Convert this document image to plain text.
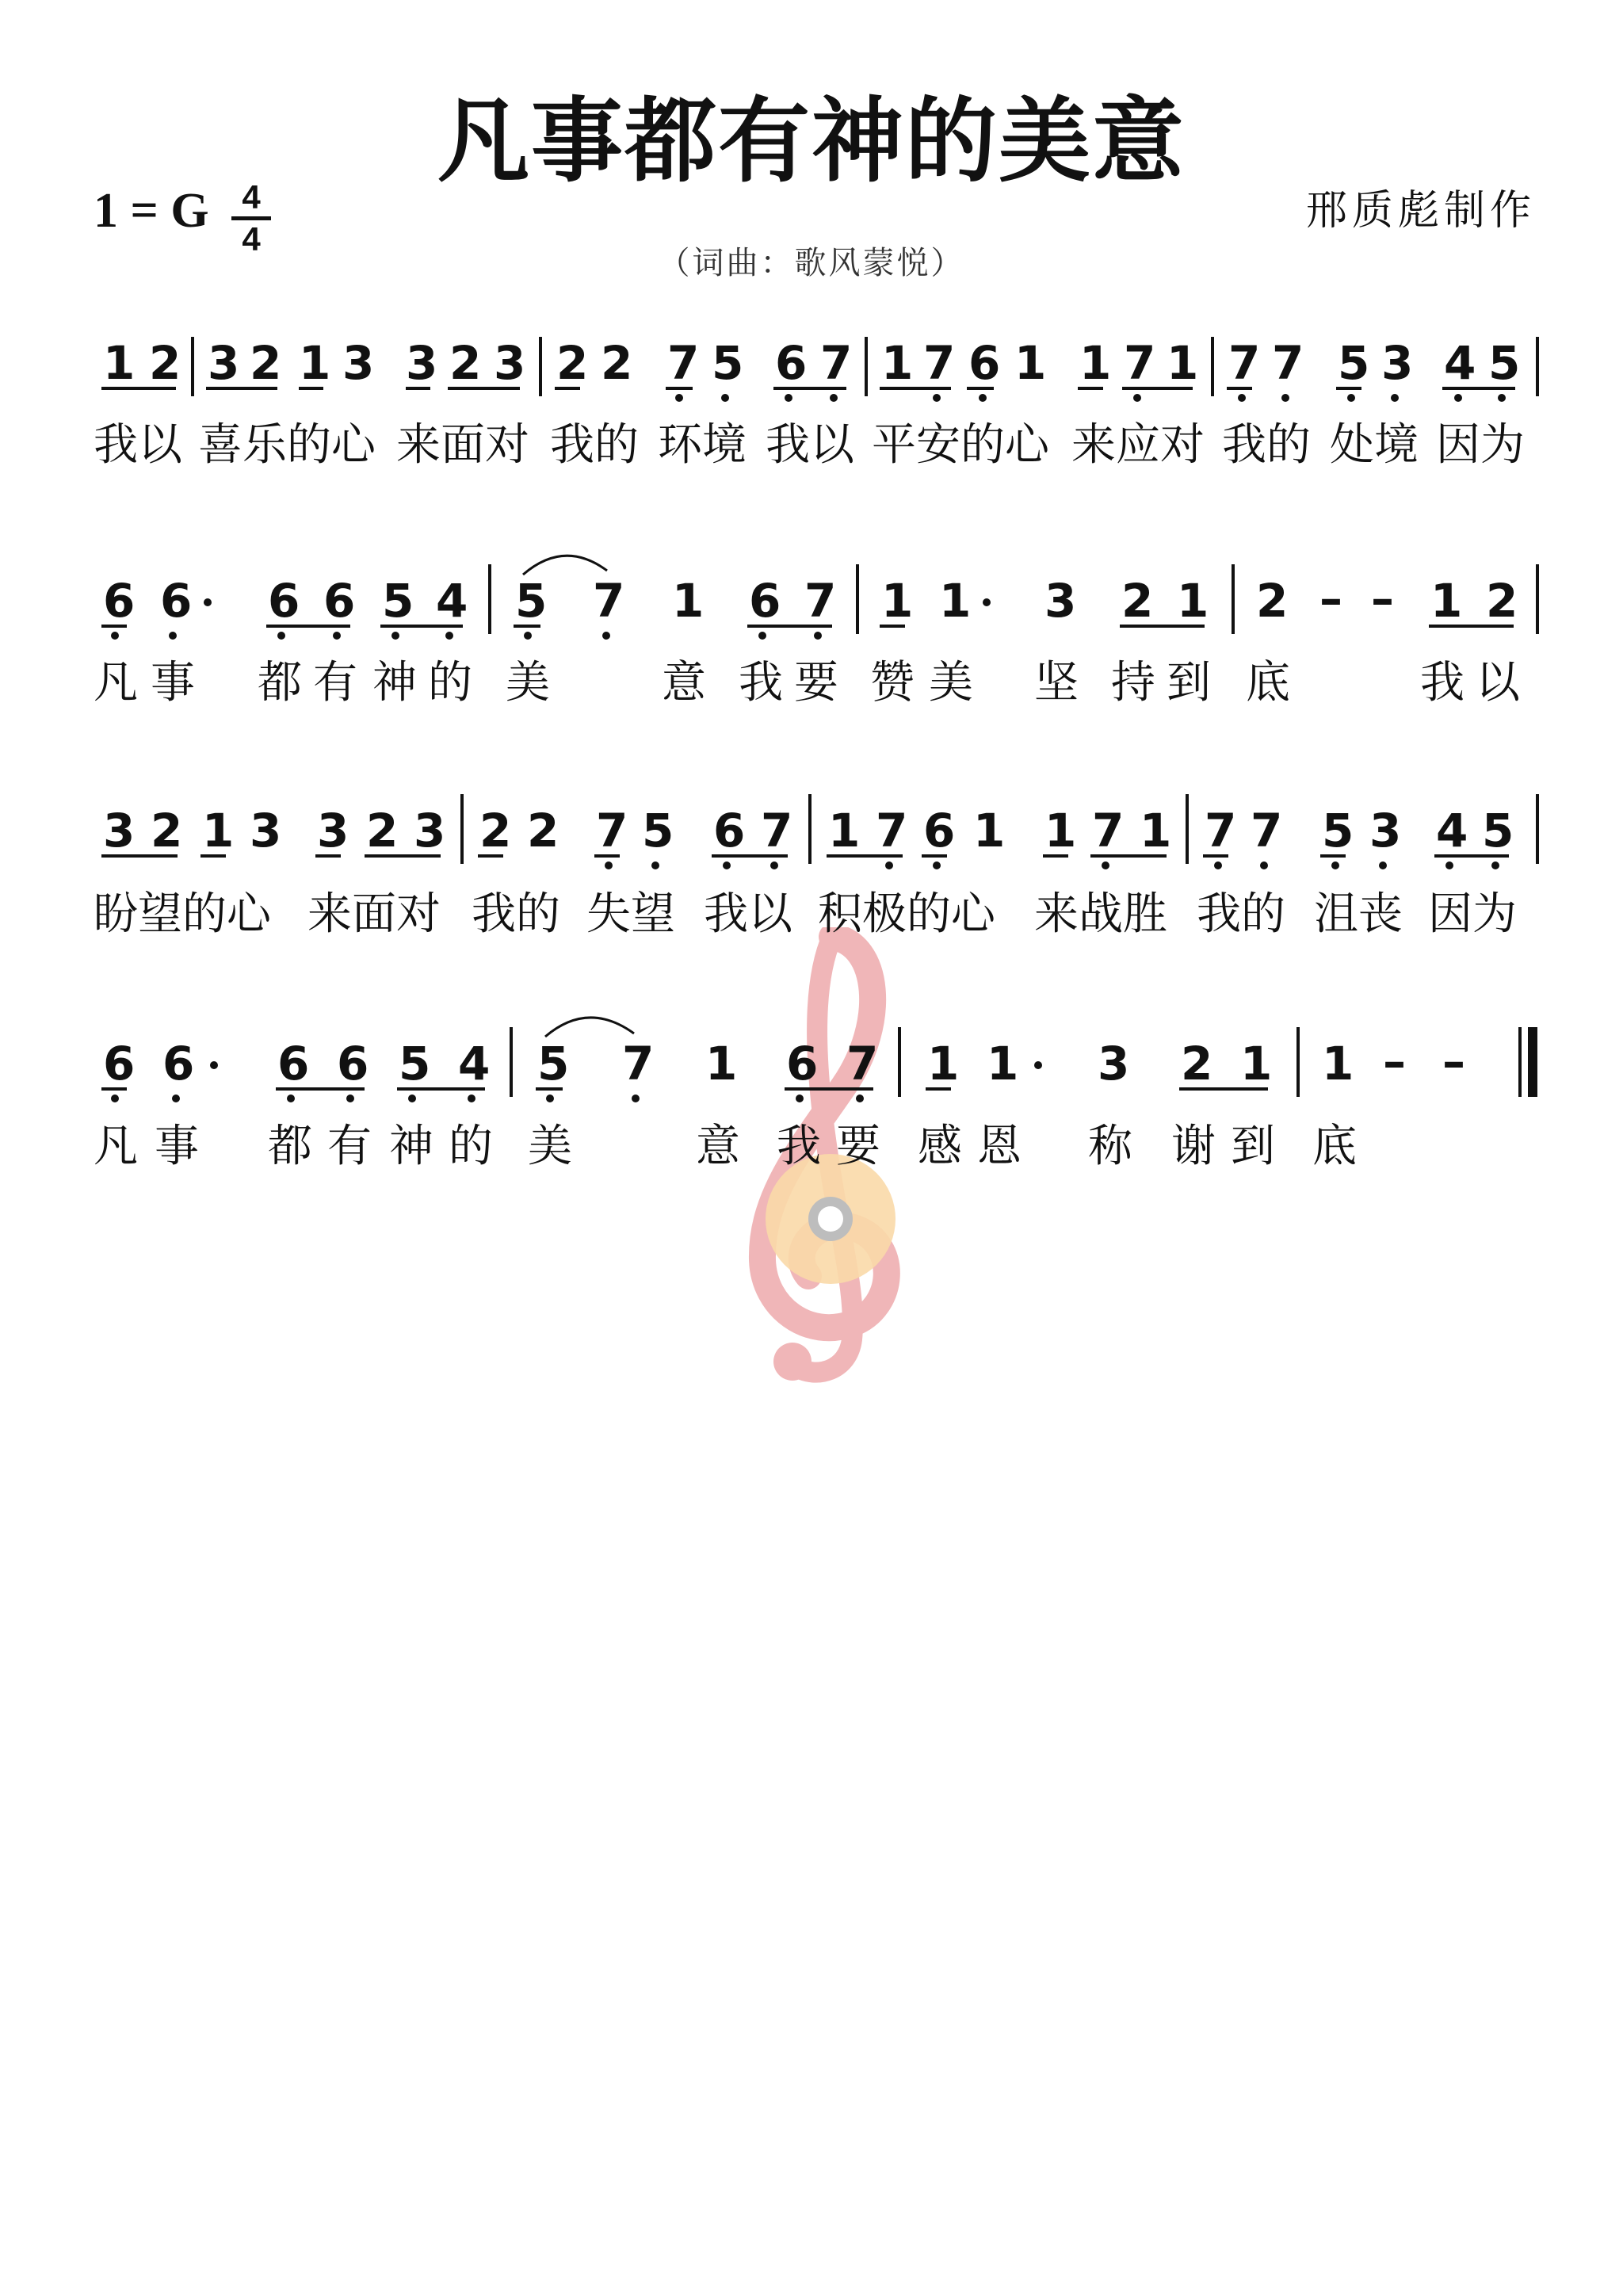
凡事都有神的美意
1 = G 4
4
邢质彪制作
（词曲：歌风蒙悦）
1 2 3 2 1 3 3 2 3 2 2 7 5 6 7 1 7 6 1 1 7 1 7 7 5 3 4 5
我以 喜乐的心 来面对 我的 环境 我以 平安的心 来应对 我的 处境 因为
6 6 6 6 5 4 5 7 1 6 7 1 1 3 2 1 2 – – 1 2
凡 事 都 有 神 的 美	意 我 要 赞 美 坚 持 到 底	我 以
3 2 1 3 3 2 3 2 2 7 5 6 7 1 7 6 1 1 7 1 7 7 5 3 4 5
盼望的心 来面对 我的 失望 我以 积极的心 来战胜 我的 沮丧 因为
6 6 6 6 5 4 5 7 1 6 7 1 1 3 2 1 1 – –
凡 事 都 有 神 的 美	意 我 要 感 恩 称 谢 到 底
